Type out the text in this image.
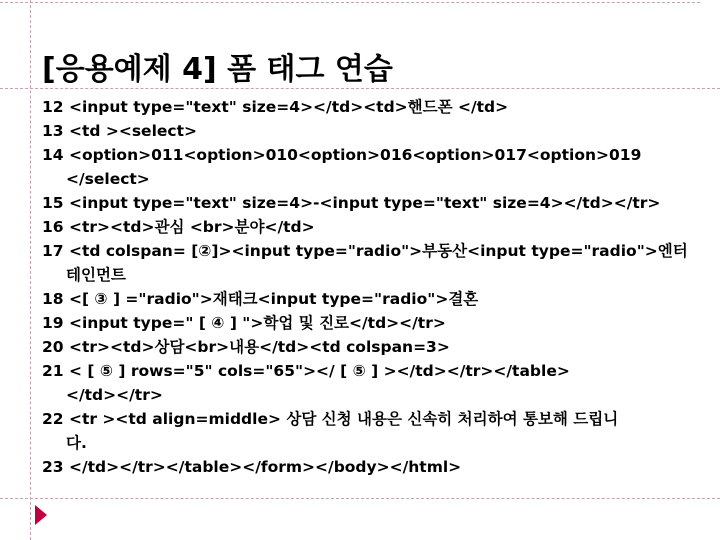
[응용예제 4] 폼 태그 연습
12 <input type="text" size=4></td><td>핸드폰 </td>
13 <td ><select>
14 <option>011<option>010<option>016<option>017<option>019
</select>
15 <input type="text" size=4>-<input type="text" size=4></td></tr>
16 <tr><td>관심 <br>분야</td>
17 <td colspan= [②]><input type="radio">부동산<input type="radio">엔터
테인먼트
18 <[ ③ ] ="radio">재태크<input type="radio">결혼
19 <input type=" [ ④ ] ">학업 및 진로</td></tr>
20 <tr><td>상담<br>내용</td><td colspan=3>
21 < [ ⑤ ] rows="5" cols="65"></ [ ⑤ ] ></td></tr></table>
</td></tr>
22 <tr ><td align=middle> 상담 신청 내용은 신속히 처리하여 통보해 드립니
다.
23 </td></tr></table></form></body></html>
